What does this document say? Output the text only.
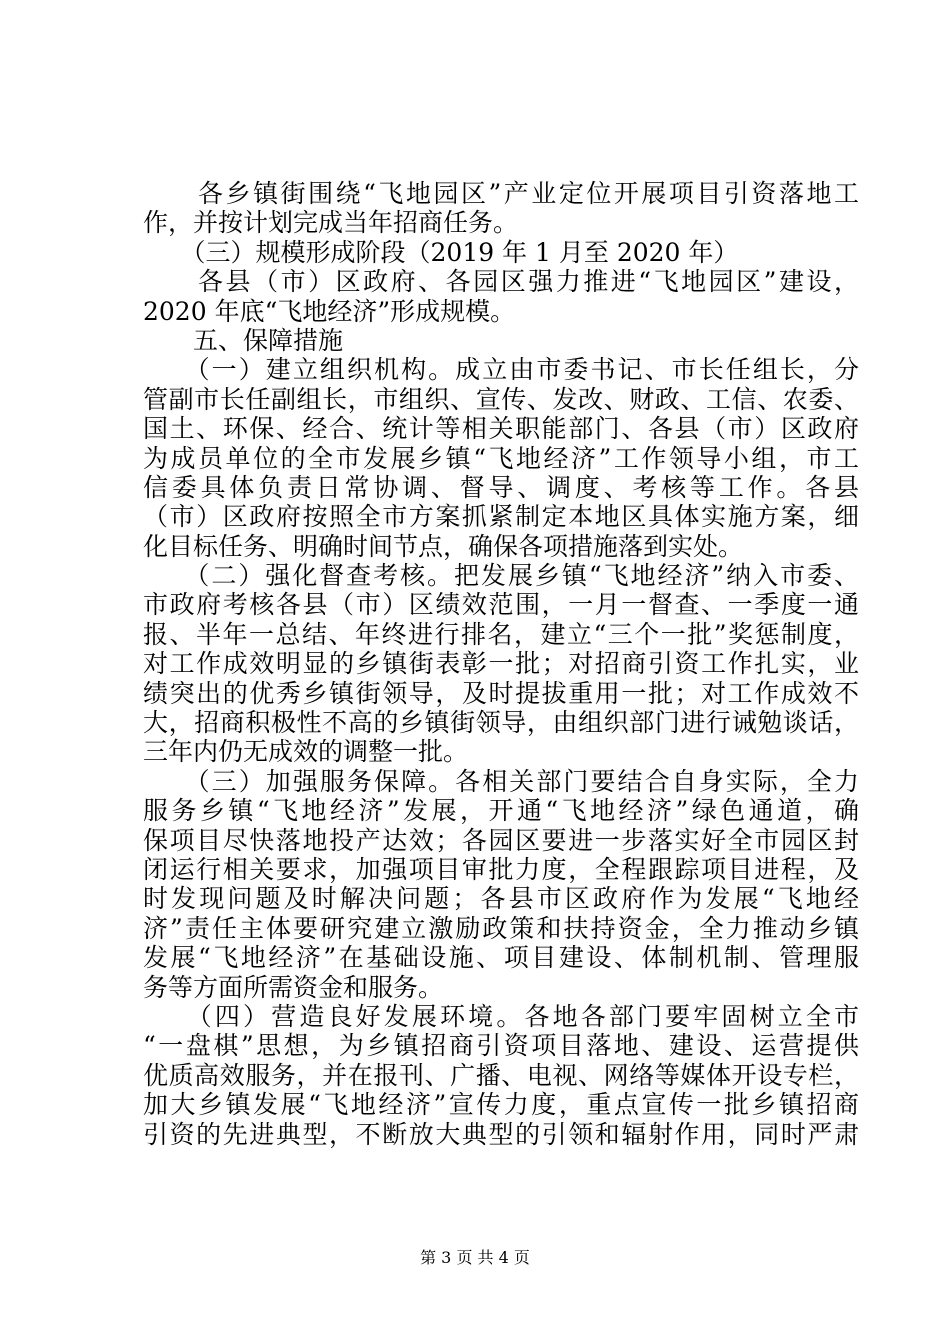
　　各乡镇街围绕“飞地园区”产业定位开展项目引资落地工
作，并按计划完成当年招商任务。
　　（三）规模形成阶段（2019 年 1 月至 2020 年）
　　各县（市）区政府、各园区强力推进“飞地园区”建设，
2020 年底“飞地经济”形成规模。
　　五、保障措施
　　（一）建立组织机构。成立由市委书记、市长任组长，分
管副市长任副组长，市组织、宣传、发改、财政、工信、农委、
国土、环保、经合、统计等相关职能部门、各县（市）区政府
为成员单位的全市发展乡镇“飞地经济”工作领导小组，市工
信委具体负责日常协调、督导、调度、考核等工作。各县
（市）区政府按照全市方案抓紧制定本地区具体实施方案，细
化目标任务、明确时间节点，确保各项措施落到实处。
　　（二）强化督查考核。把发展乡镇“飞地经济”纳入市委、
市政府考核各县（市）区绩效范围，一月一督查、一季度一通
报、半年一总结、年终进行排名，建立“三个一批”奖惩制度，
对工作成效明显的乡镇街表彰一批；对招商引资工作扎实，业
绩突出的优秀乡镇街领导，及时提拔重用一批；对工作成效不
大，招商积极性不高的乡镇街领导，由组织部门进行诫勉谈话，
三年内仍无成效的调整一批。
　　（三）加强服务保障。各相关部门要结合自身实际，全力
服务乡镇“飞地经济”发展，开通“飞地经济”绿色通道，确
保项目尽快落地投产达效；各园区要进一步落实好全市园区封
闭运行相关要求，加强项目审批力度，全程跟踪项目进程，及
时发现问题及时解决问题；各县市区政府作为发展“飞地经
济”责任主体要研究建立激励政策和扶持资金，全力推动乡镇
发展“飞地经济”在基础设施、项目建设、体制机制、管理服
务等方面所需资金和服务。
　　（四）营造良好发展环境。各地各部门要牢固树立全市
“一盘棋”思想，为乡镇招商引资项目落地、建设、运营提供
优质高效服务，并在报刊、广播、电视、网络等媒体开设专栏，
加大乡镇发展“飞地经济”宣传力度，重点宣传一批乡镇招商
引资的先进典型，不断放大典型的引领和辐射作用，同时严肃
第 3 页 共 4 页
